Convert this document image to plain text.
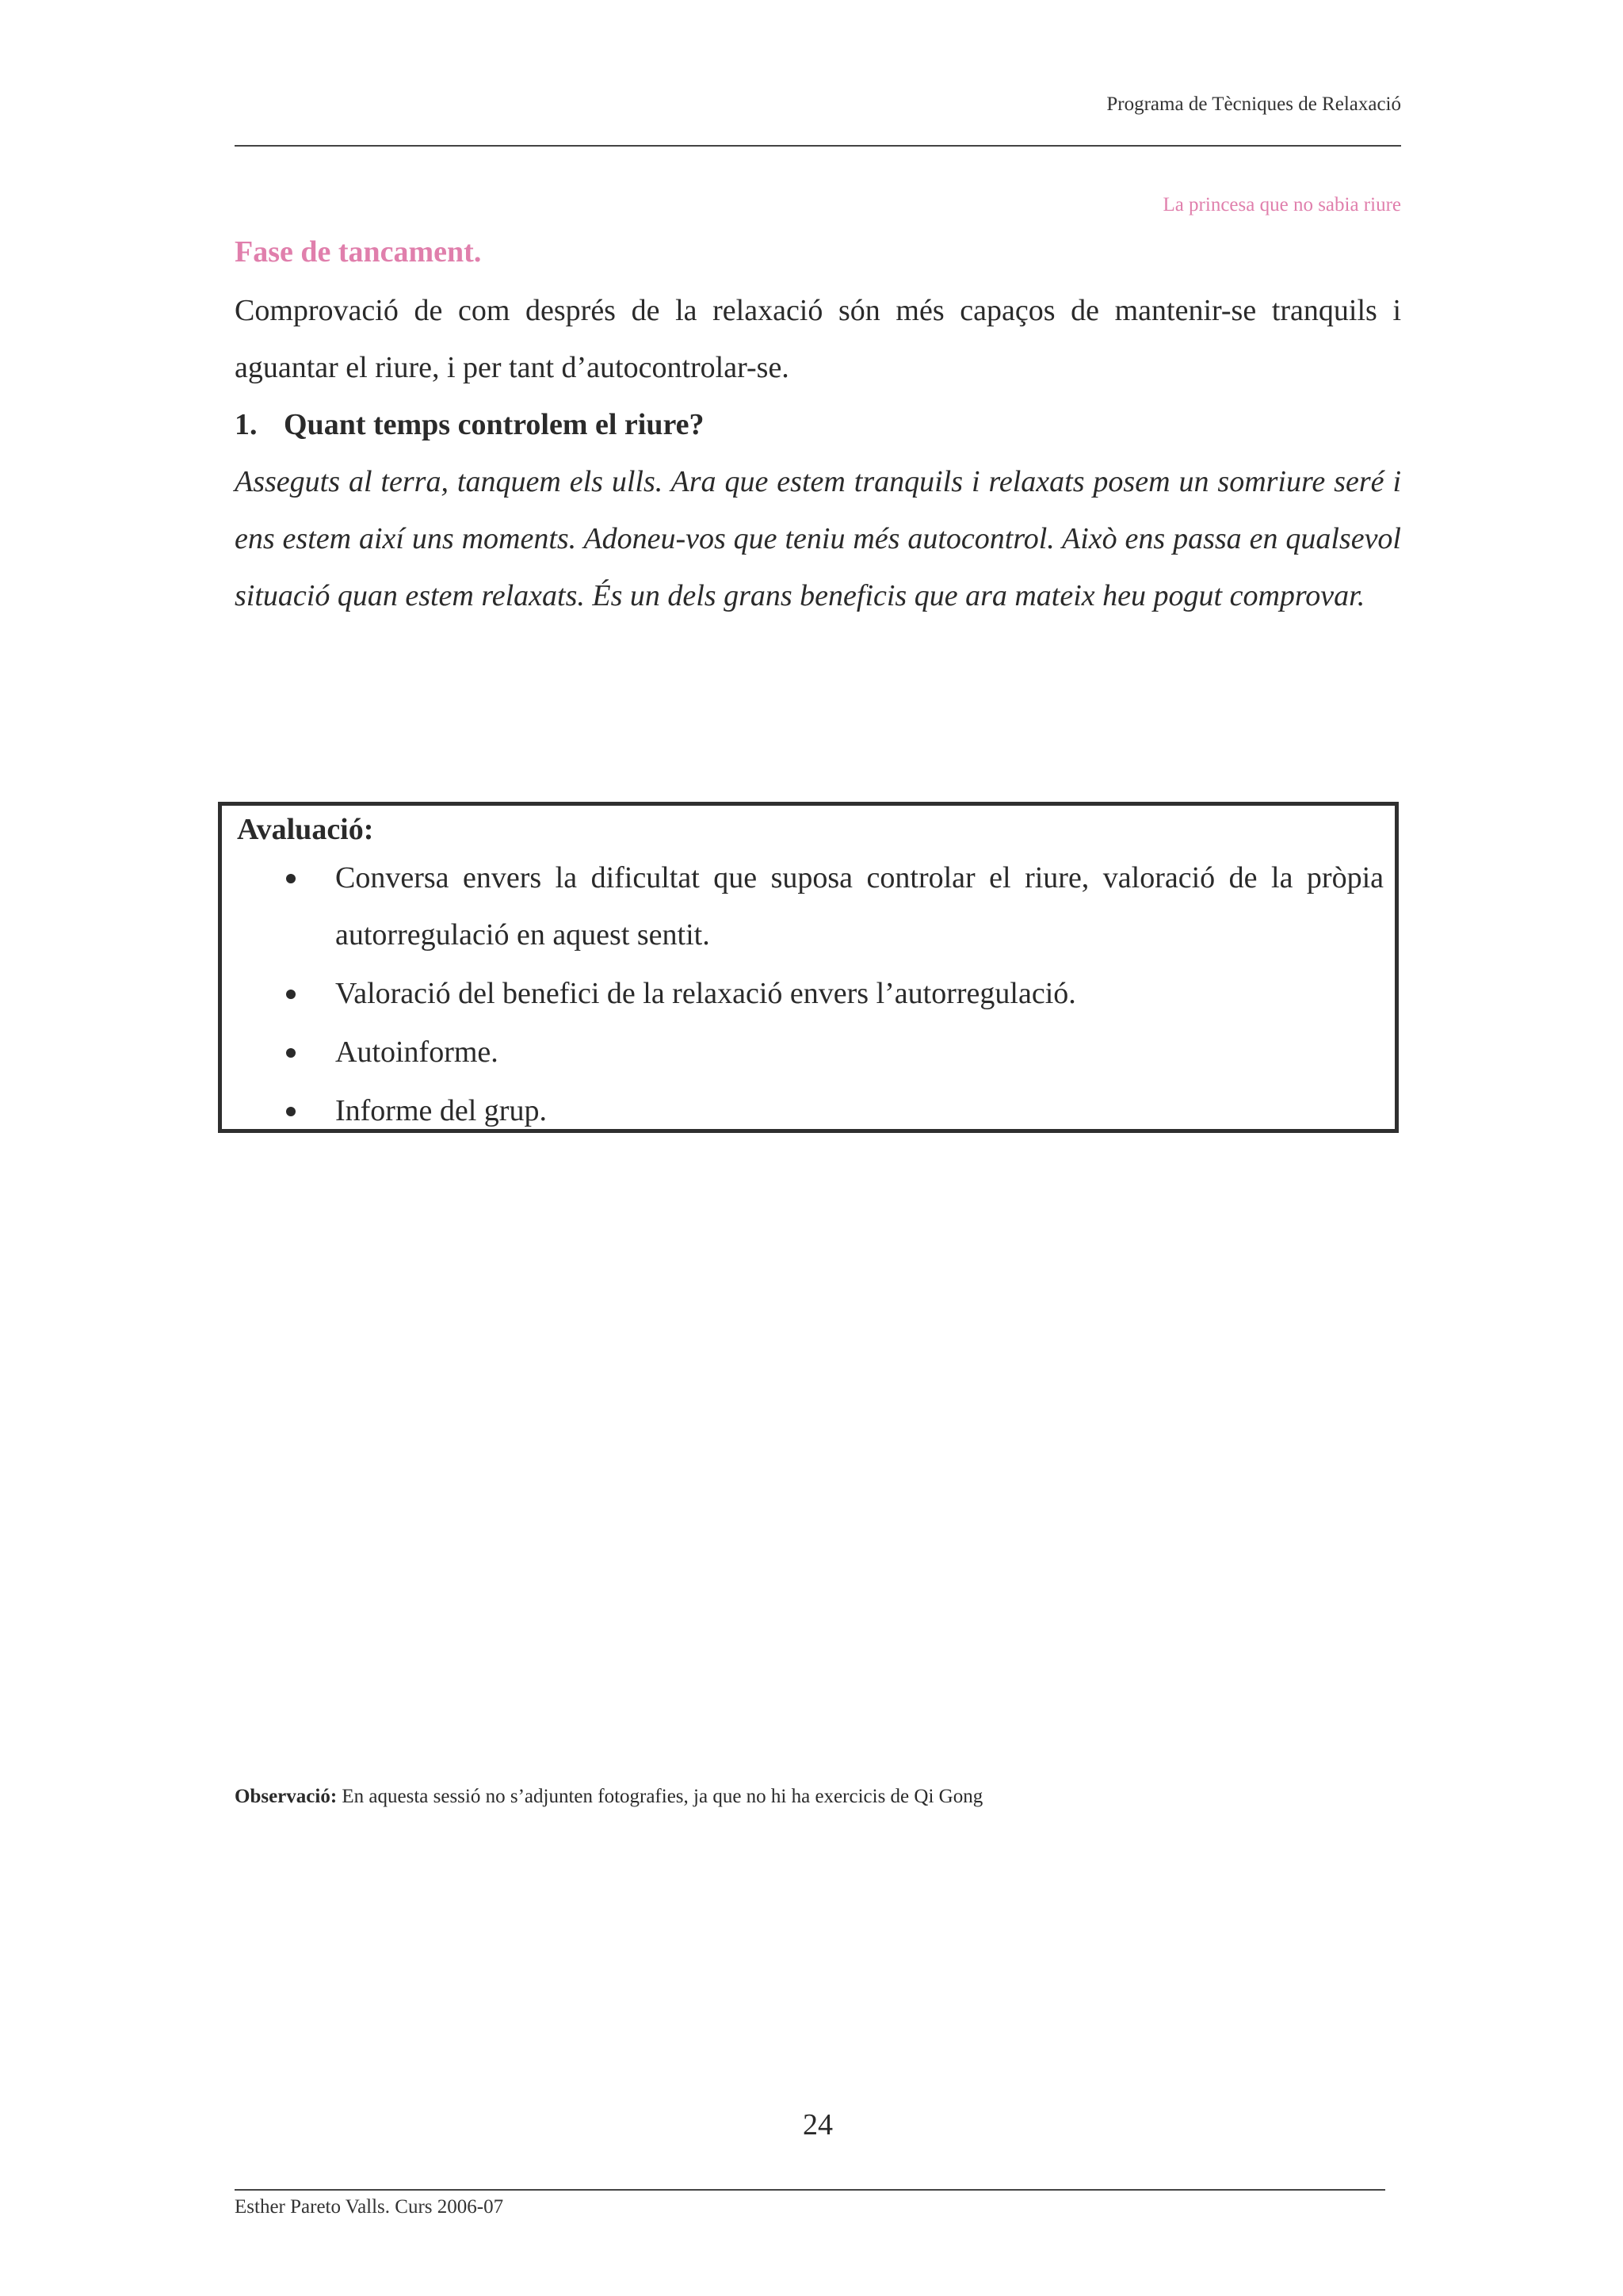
Programa de Tècniques de Relaxació
La princesa que no sabia riure
Fase de tancament.

Comprovació de com després de la relaxació són més capaços de mantenir-se tranquils i aguantar el riure, i per tant d’autocontrolar-se.

1. Quant temps controlem el riure?

Asseguts al terra, tanquem els ulls. Ara que estem tranquils i relaxats posem un somriure seré i ens estem així uns moments. Adoneu-vos que teniu més autocontrol. Això ens passa en qualsevol situació quan estem relaxats. És un dels grans beneficis que ara mateix heu pogut comprovar.

Avaluació:
Conversa envers la dificultat que suposa controlar el riure, valoració de la pròpia autorregulació en aquest sentit.
Valoració del benefici de la relaxació envers l’autorregulació.
Autoinforme.
Informe del grup.
Observació: En aquesta sessió no s’adjunten fotografies, ja que no hi ha exercicis de Qi Gong
24
Esther Pareto Valls. Curs 2006-07
